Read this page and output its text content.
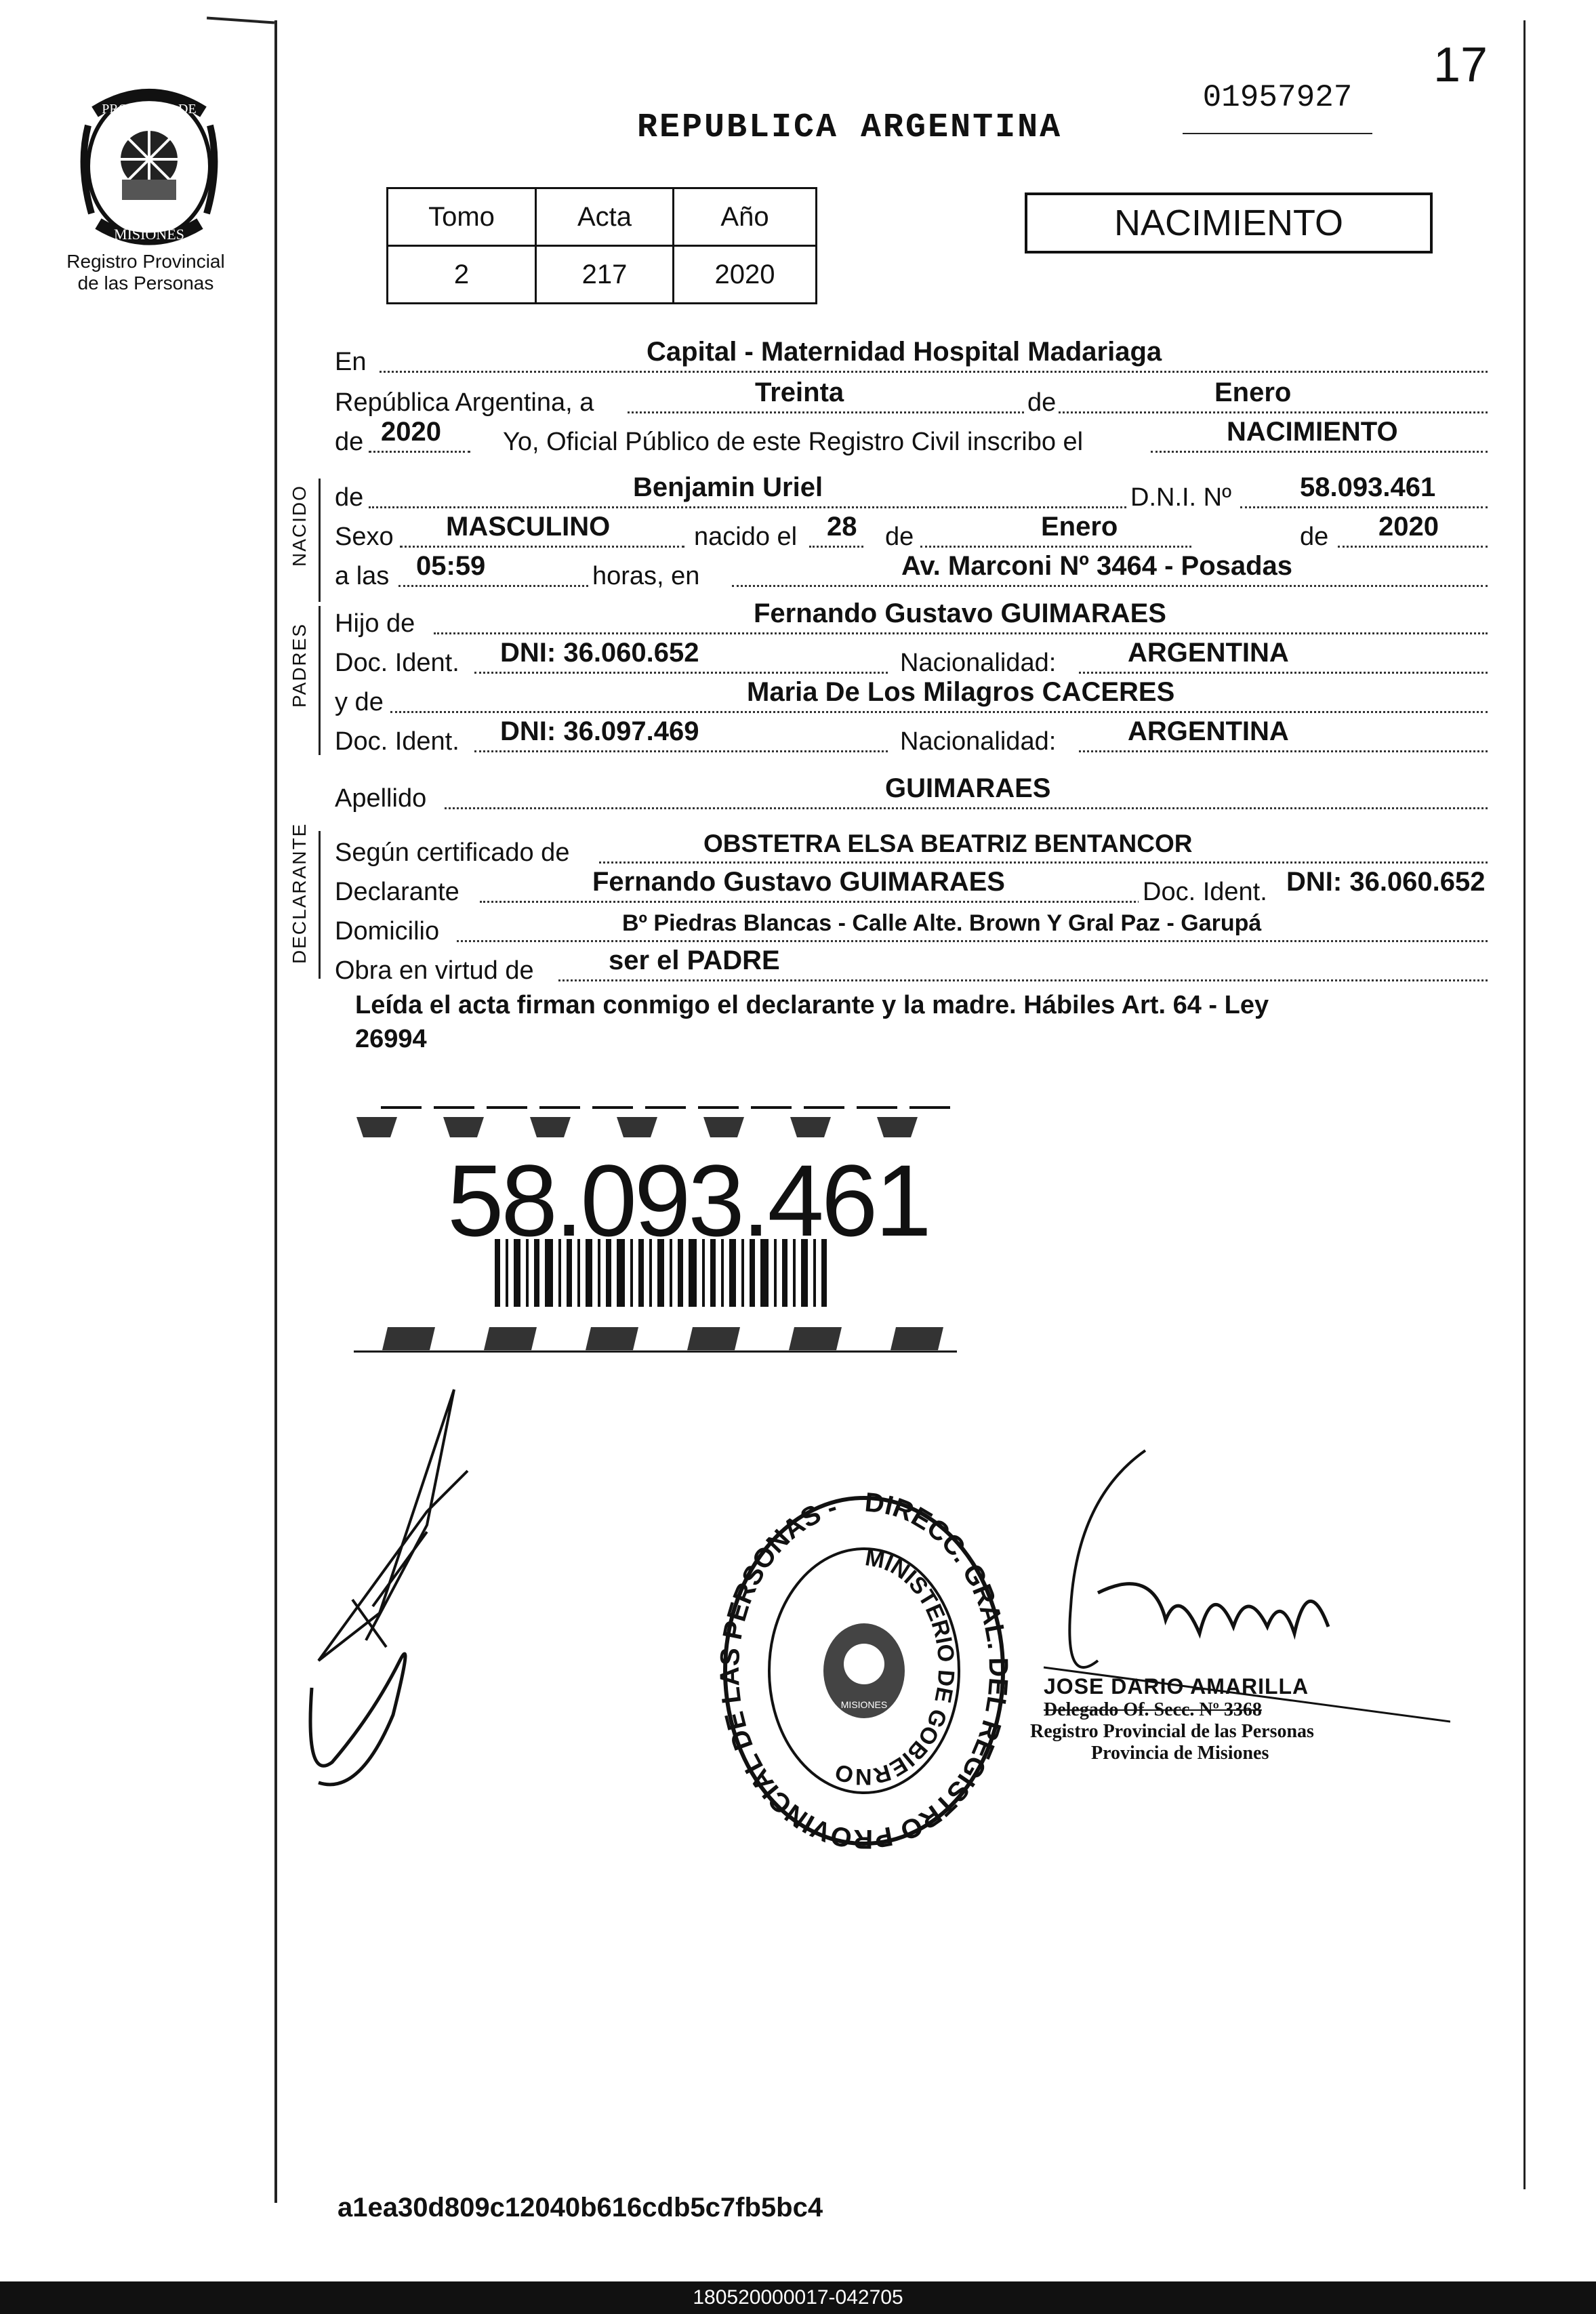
PROVINCIA DE
MISIONES
Registro Provincial
de las Personas
REPUBLICA ARGENTINA
01957927
17
Tomo	Acta	Año
2	217	2020
NACIMIENTO
En	Capital - Maternidad Hospital Madariaga
República Argentina, a	Treinta	de	Enero
de 2020 Yo, Oficial Público de este Registro Civil inscribo el	NACIMIENTO
NACIDO de	Benjamin Uriel	D.N.I. Nº	58.093.461
Sexo MASCULINO	nacido el 28 de	Enero	de 2020
a las 05:59	horas, en	Av. Marconi Nº 3464 - Posadas
PADRES Hijo de	Fernando Gustavo GUIMARAES
Doc. Ident. DNI: 36.060.652	Nacionalidad:	ARGENTINA
y de	Maria De Los Milagros CACERES
Doc. Ident. DNI: 36.097.469	Nacionalidad:	ARGENTINA
Apellido	GUIMARAES
DECLARANTE Según certificado de	OBSTETRA ELSA BEATRIZ BENTANCOR
Declarante	Fernando Gustavo GUIMARAES	Doc. Ident. DNI: 36.060.652
Domicilio	Bº Piedras Blancas - Calle Alte. Brown Y Gral Paz - Garupá
Obra en virtud de	ser el PADRE
Leída el acta firman conmigo el declarante y la madre. Hábiles Art. 64 - Ley
26994
58.093.461
DIRECC. GRAL. DEL REGISTRO PROVINCIAL DE LAS PERSONAS -
MINISTERIO DE GOBIERNO
MISIONES
JOSE DARIO AMARILLA
Delegado Of. Secc. Nº 3368
Registro Provincial de las Personas
Provincia de Misiones
a1ea30d809c12040b616cdb5c7fb5bc4
180520000017-042705
